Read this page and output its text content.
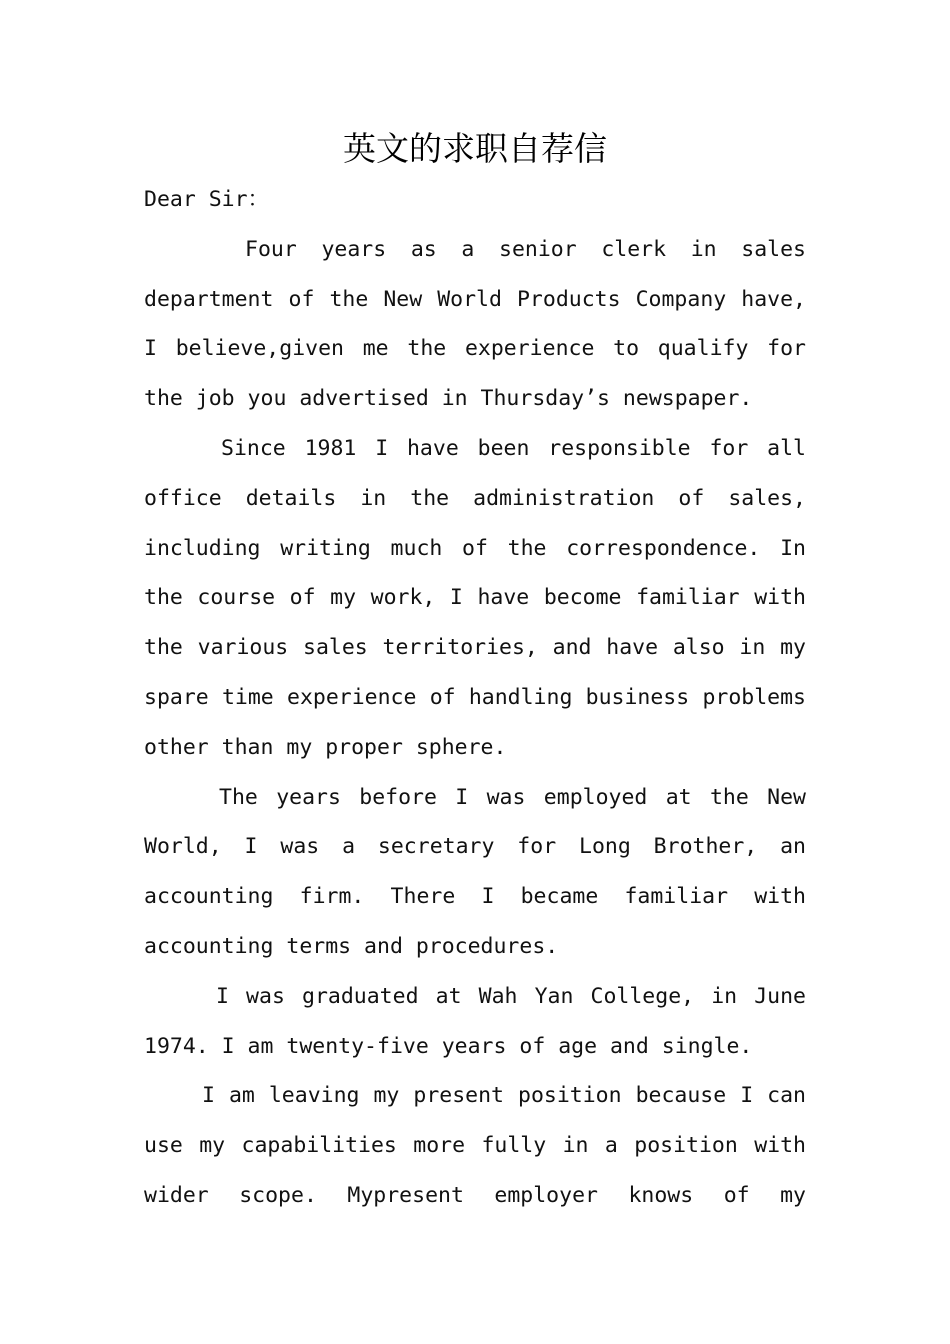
英文的求职自荐信

Dear Sir：

Four years as a senior clerk in sales department of the New World Products Company have, I believe,given me the experience to qualify for the job you advertised in Thursday’s newspaper.

Since 1981 I have been responsible for all office details in the administration of sales, including writing much of the correspondence. In the course of my work, I have become familiar with the various sales territories, and have also in my spare time experience of handling business problems other than my proper sphere.

The years before I was employed at the New World, I was a secretary for Long Brother, an accounting firm. There I became familiar with accounting terms and procedures.

I was graduated at Wah Yan College, in June 1974. I am twenty-five years of age and single.

I am leaving my present position because I can use my capabilities more fully in a position with wider scope. Mypresent employer knows of my
